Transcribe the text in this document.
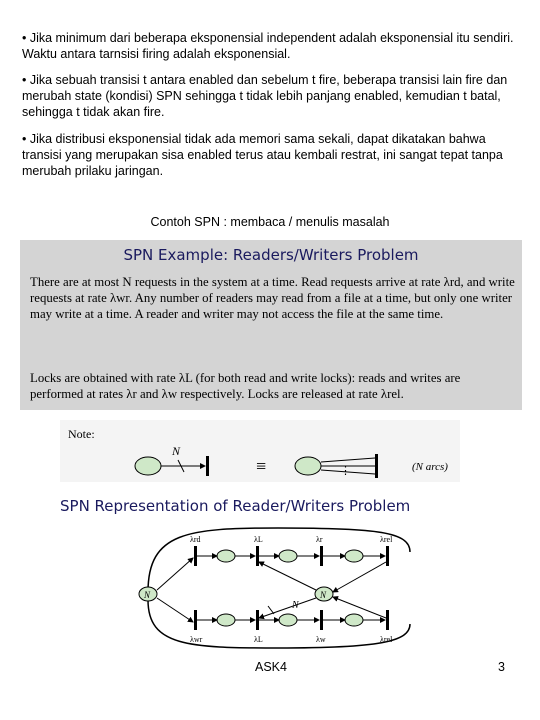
• Jika minimum dari beberapa eksponensial independent adalah eksponensial itu sendiri. Waktu antara tarnsisi firing adalah eksponensial.
• Jika sebuah transisi t antara enabled dan sebelum t fire, beberapa transisi lain fire dan merubah state (kondisi) SPN sehingga t tidak lebih panjang enabled, kemudian t batal, sehingga t tidak akan fire.
• Jika distribusi eksponensial tidak ada memori sama sekali, dapat dikatakan bahwa transisi yang merupakan sisa enabled terus atau kembali restrat, ini sangat tepat tanpa merubah prilaku jaringan.
Contoh SPN : membaca / menulis masalah
SPN Example: Readers/Writers Problem
There are at most N requests in the system at a time. Read requests arrive at rate λrd, and write requests at rate λwr. Any number of readers may read from a file at a time, but only one writer may write at a time. A reader and writer may not access the file at the same time.
Locks are obtained with rate λL (for both read and write locks): reads and writes are performed at rates λr and λw respectively. Locks are released at rate λrel.
Note:
N
≡	⋮	(N arcs)
SPN Representation of Reader/Writers Problem
N	N
λrd	λL	λr	λrel
λwr	λL	λw	λrel
N
ASK4	3
